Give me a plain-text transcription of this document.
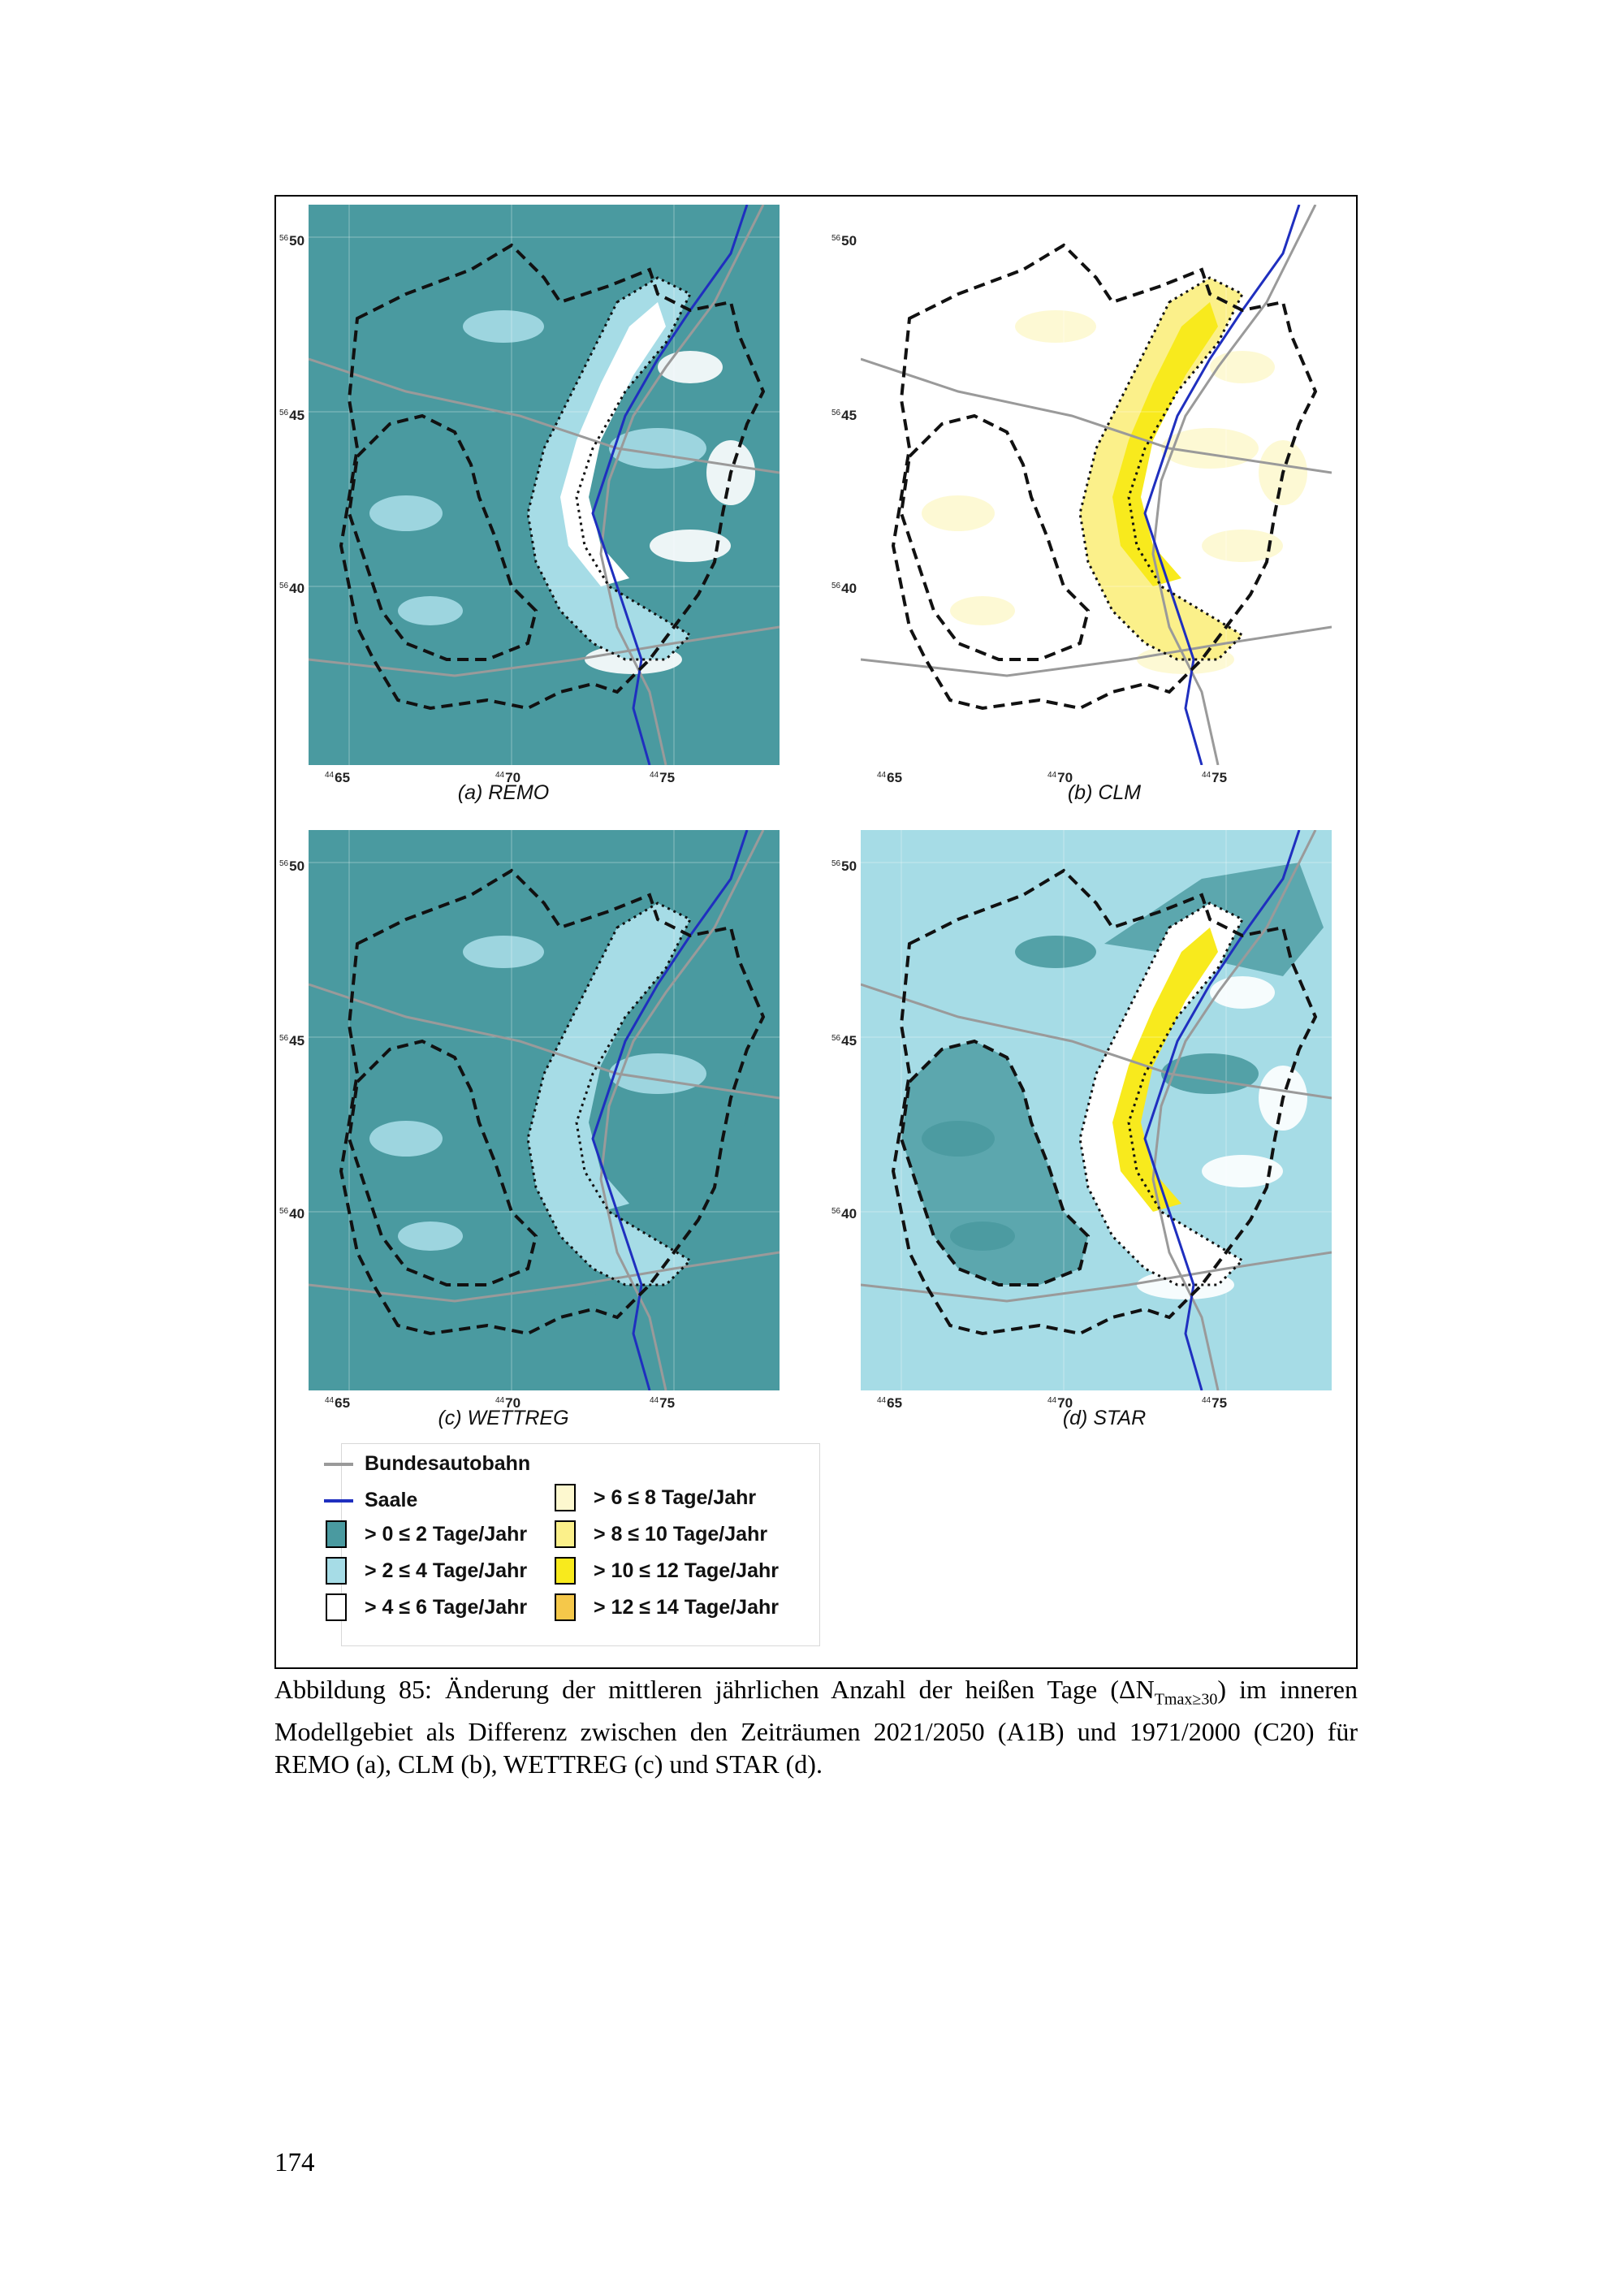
$^{56}$50
$^{56}$45
$^{56}$40
$^{44}$65	$^{44}$70	$^{44}$75
(a) REMO
$^{56}$50
$^{56}$45
$^{56}$40
$^{44}$65	$^{44}$70	$^{44}$75
(b) CLM
$^{56}$50
$^{56}$45
$^{56}$40
$^{44}$65	$^{44}$70	$^{44}$75
(c) WETTREG
$^{56}$50
$^{56}$45
$^{56}$40
$^{44}$65	$^{44}$70	$^{44}$75
(d) STAR
Bundesautobahn
Saale
> 0 ≤ 2 Tage/Jahr
> 2 ≤ 4 Tage/Jahr
> 4 ≤ 6 Tage/Jahr
> 6 ≤ 8 Tage/Jahr
> 8 ≤ 10 Tage/Jahr
> 10 ≤ 12 Tage/Jahr
> 12 ≤ 14 Tage/Jahr
Abbildung 85: Änderung der mittleren jährlichen Anzahl der heißen Tage $(\Delta N_{Tmax\ge 30})$ im inneren Modellgebiet als Differenz zwischen den Zeiträumen 2021/2050 (A1B) und 1971/2000 (C20) für REMO (a), CLM (b), WETTREG (c) und STAR (d).
174
